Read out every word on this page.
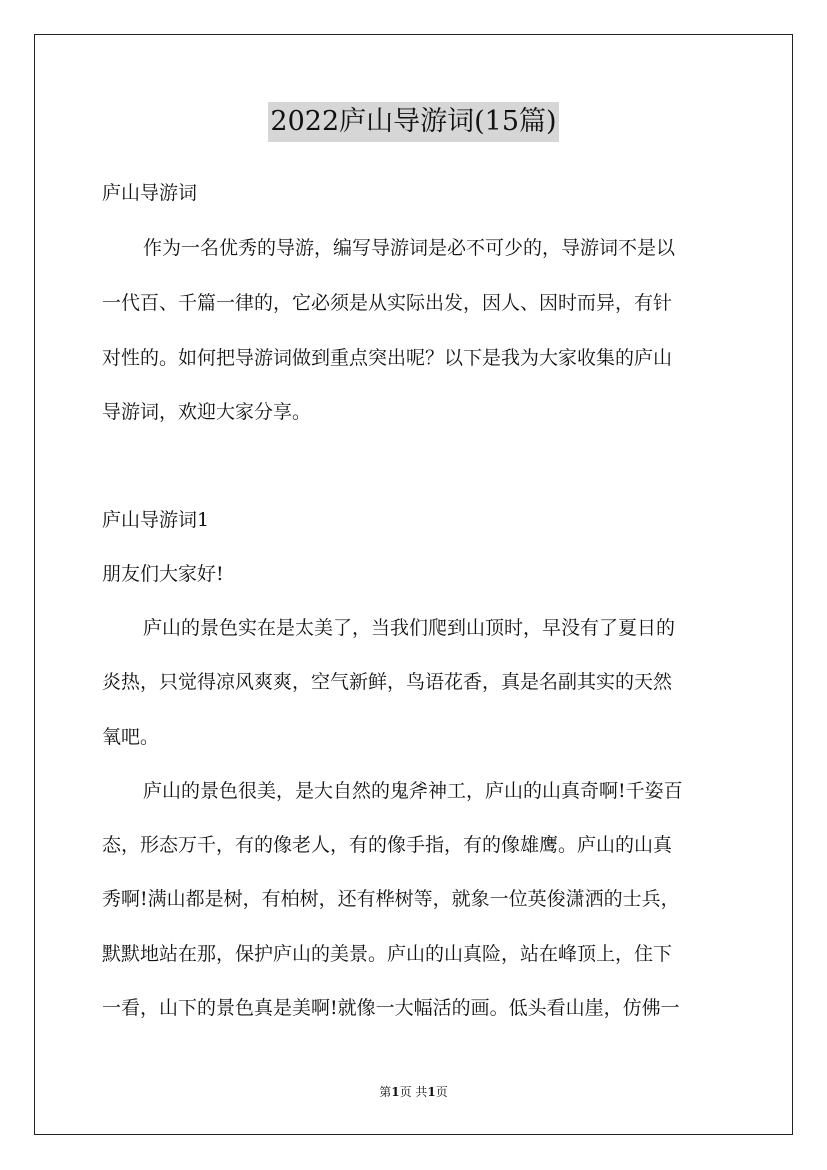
2022庐山导游词(15篇)
庐山导游词
作为一名优秀的导游，编写导游词是必不可少的，导游词不是以
一代百、千篇一律的，它必须是从实际出发，因人、因时而异，有针
对性的。如何把导游词做到重点突出呢？以下是我为大家收集的庐山
导游词，欢迎大家分享。
庐山导游词1
朋友们大家好!
庐山的景色实在是太美了，当我们爬到山顶时，早没有了夏日的
炎热，只觉得凉风爽爽，空气新鲜，鸟语花香，真是名副其实的天然
氧吧。
庐山的景色很美，是大自然的鬼斧神工，庐山的山真奇啊!千姿百
态，形态万千，有的像老人，有的像手指，有的像雄鹰。庐山的山真
秀啊!满山都是树，有柏树，还有桦树等，就象一位英俊潇洒的士兵，
默默地站在那，保护庐山的美景。庐山的山真险，站在峰顶上，住下
一看，山下的景色真是美啊!就像一大幅活的画。低头看山崖，仿佛一
第1页 共1页
